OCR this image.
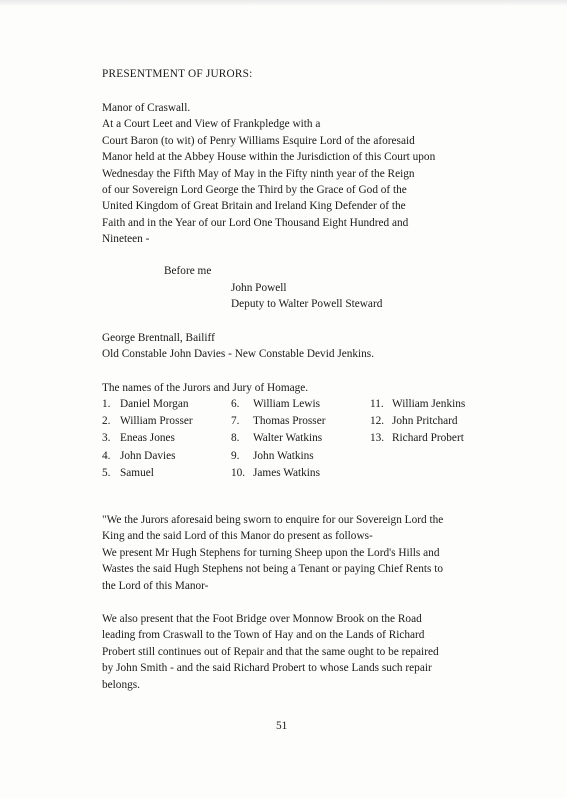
PRESENTMENT OF JURORS:
Manor of Craswall.
At a Court Leet and View of Frankpledge with a
Court Baron (to wit) of Penry Williams Esquire Lord of the aforesaid
Manor held at the Abbey House within the Jurisdiction of this Court upon
Wednesday the Fifth May of May in the Fifty ninth year of the Reign
of our Sovereign Lord George the Third by the Grace of God of the
United Kingdom of Great Britain and Ireland King Defender of the
Faith and in the Year of our Lord One Thousand Eight Hundred and
Nineteen -
Before me
John Powell
Deputy to Walter Powell Steward
George Brentnall, Bailiff
Old Constable John Davies - New Constable Devid Jenkins.
The names of the Jurors and Jury of Homage.
1. Daniel Morgan
2. William Prosser
3. Eneas Jones
4. John Davies
5. Samuel
6. William Lewis
7. Thomas Prosser
8. Walter Watkins
9. John Watkins
10. James Watkins
11. William Jenkins
12. John Pritchard
13. Richard Probert
"We the Jurors aforesaid being sworn to enquire for our Sovereign Lord the
King and the said Lord of this Manor do present as follows-
We present Mr Hugh Stephens for turning Sheep upon the Lord's Hills and
Wastes the said Hugh Stephens not being a Tenant or paying Chief Rents to
the Lord of this Manor-
We also present that the Foot Bridge over Monnow Brook on the Road
leading from Craswall to the Town of Hay and on the Lands of Richard
Probert still continues out of Repair and that the same ought to be repaired
by John Smith - and the said Richard Probert to whose Lands such repair
belongs.
51
